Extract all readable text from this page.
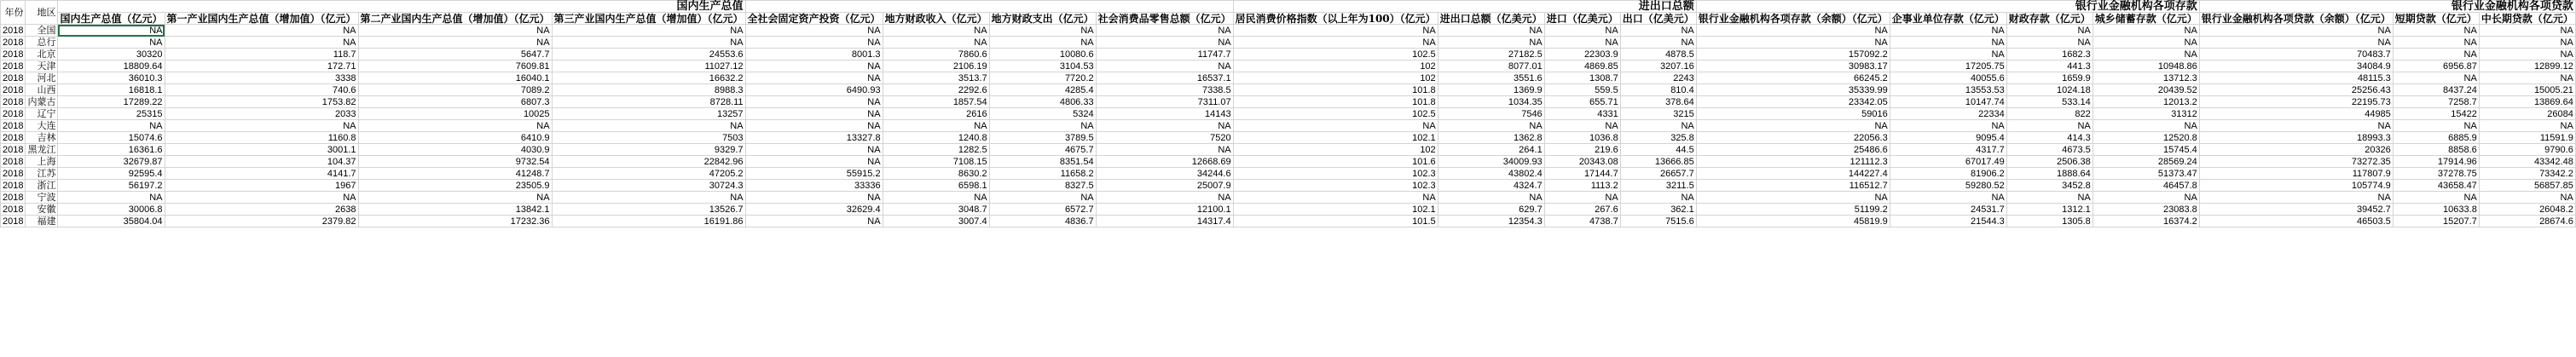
年份	地区	国内生产总值								进出口总额				银行业金融机构各项存款				银行业金融机构各项贷款		
		国内生产总值（亿元）	第一产业国内生产总值（增加值）（亿元）	第二产业国内生产总值（增加值）（亿元）	第三产业国内生产总值（增加值）（亿元）	全社会固定资产投资（亿元）	地方财政收入（亿元）	地方财政支出（亿元）	社会消费品零售总额（亿元）	居民消费价格指数（以上年为100）（亿元）	进出口总额（亿美元）	进口（亿美元）	出口（亿美元）	银行业金融机构各项存款（余额）（亿元）	企事业单位存款（亿元）	财政存款（亿元）	城乡储蓄存款（亿元）	银行业金融机构各项贷款（余额）（亿元）	短期贷款（亿元）	中长期贷款（亿元）
2018	全国	NA	NA	NA	NA	NA	NA	NA	NA	NA	NA	NA	NA	NA	NA	NA	NA	NA	NA	NA
2018	总行	NA	NA	NA	NA	NA	NA	NA	NA	NA	NA	NA	NA	NA	NA	NA	NA	NA	NA	NA
2018	北京	30320	118.7	5647.7	24553.6	8001.3	7860.6	10080.6	11747.7	102.5	27182.5	22303.9	4878.5	157092.2	NA	1682.3	NA	70483.7	NA	NA
2018	天津	18809.64	172.71	7609.81	11027.12	NA	2106.19	3104.53	NA	102	8077.01	4869.85	3207.16	30983.17	17205.75	441.3	10948.86	34084.9	6956.87	12899.12
2018	河北	36010.3	3338	16040.1	16632.2	NA	3513.7	7720.2	16537.1	102	3551.6	1308.7	2243	66245.2	40055.6	1659.9	13712.3	48115.3	NA	NA
2018	山西	16818.1	740.6	7089.2	8988.3	6490.93	2292.6	4285.4	7338.5	101.8	1369.9	559.5	810.4	35339.99	13553.53	1024.18	20439.52	25256.43	8437.24	15005.21
2018	内蒙古	17289.22	1753.82	6807.3	8728.11	NA	1857.54	4806.33	7311.07	101.8	1034.35	655.71	378.64	23342.05	10147.74	533.14	12013.2	22195.73	7258.7	13869.64
2018	辽宁	25315	2033	10025	13257	NA	2616	5324	14143	102.5	7546	4331	3215	59016	22334	822	31312	44985	15422	26084
2018	大连	NA	NA	NA	NA	NA	NA	NA	NA	NA	NA	NA	NA	NA	NA	NA	NA	NA	NA	NA
2018	吉林	15074.6	1160.8	6410.9	7503	13327.8	1240.8	3789.5	7520	102.1	1362.8	1036.8	325.8	22056.3	9095.4	414.3	12520.8	18993.3	6885.9	11591.9
2018	黑龙江	16361.6	3001.1	4030.9	9329.7	NA	1282.5	4675.7	NA	102	264.1	219.6	44.5	25486.6	4317.7	4673.5	15745.4	20326	8858.6	9790.6
2018	上海	32679.87	104.37	9732.54	22842.96	NA	7108.15	8351.54	12668.69	101.6	34009.93	20343.08	13666.85	121112.3	67017.49	2506.38	28569.24	73272.35	17914.96	43342.48
2018	江苏	92595.4	4141.7	41248.7	47205.2	55915.2	8630.2	11658.2	34244.6	102.3	43802.4	17144.7	26657.7	144227.4	81906.2	1888.64	51373.47	117807.9	37278.75	73342.2
2018	浙江	56197.2	1967	23505.9	30724.3	33336	6598.1	8327.5	25007.9	102.3	4324.7	1113.2	3211.5	116512.7	59280.52	3452.8	46457.8	105774.9	43658.47	56857.85
2018	宁波	NA	NA	NA	NA	NA	NA	NA	NA	NA	NA	NA	NA	NA	NA	NA	NA	NA	NA	NA
2018	安徽	30006.8	2638	13842.1	13526.7	32629.4	3048.7	6572.7	12100.1	102.1	629.7	267.6	362.1	51199.2	24531.7	1312.1	23083.8	39452.7	10633.8	26048.2
2018	福建	35804.04	2379.82	17232.36	16191.86	NA	3007.4	4836.7	14317.4	101.5	12354.3	4738.7	7515.6	45819.9	21544.3	1305.8	16374.2	46503.5	15207.7	28674.6
